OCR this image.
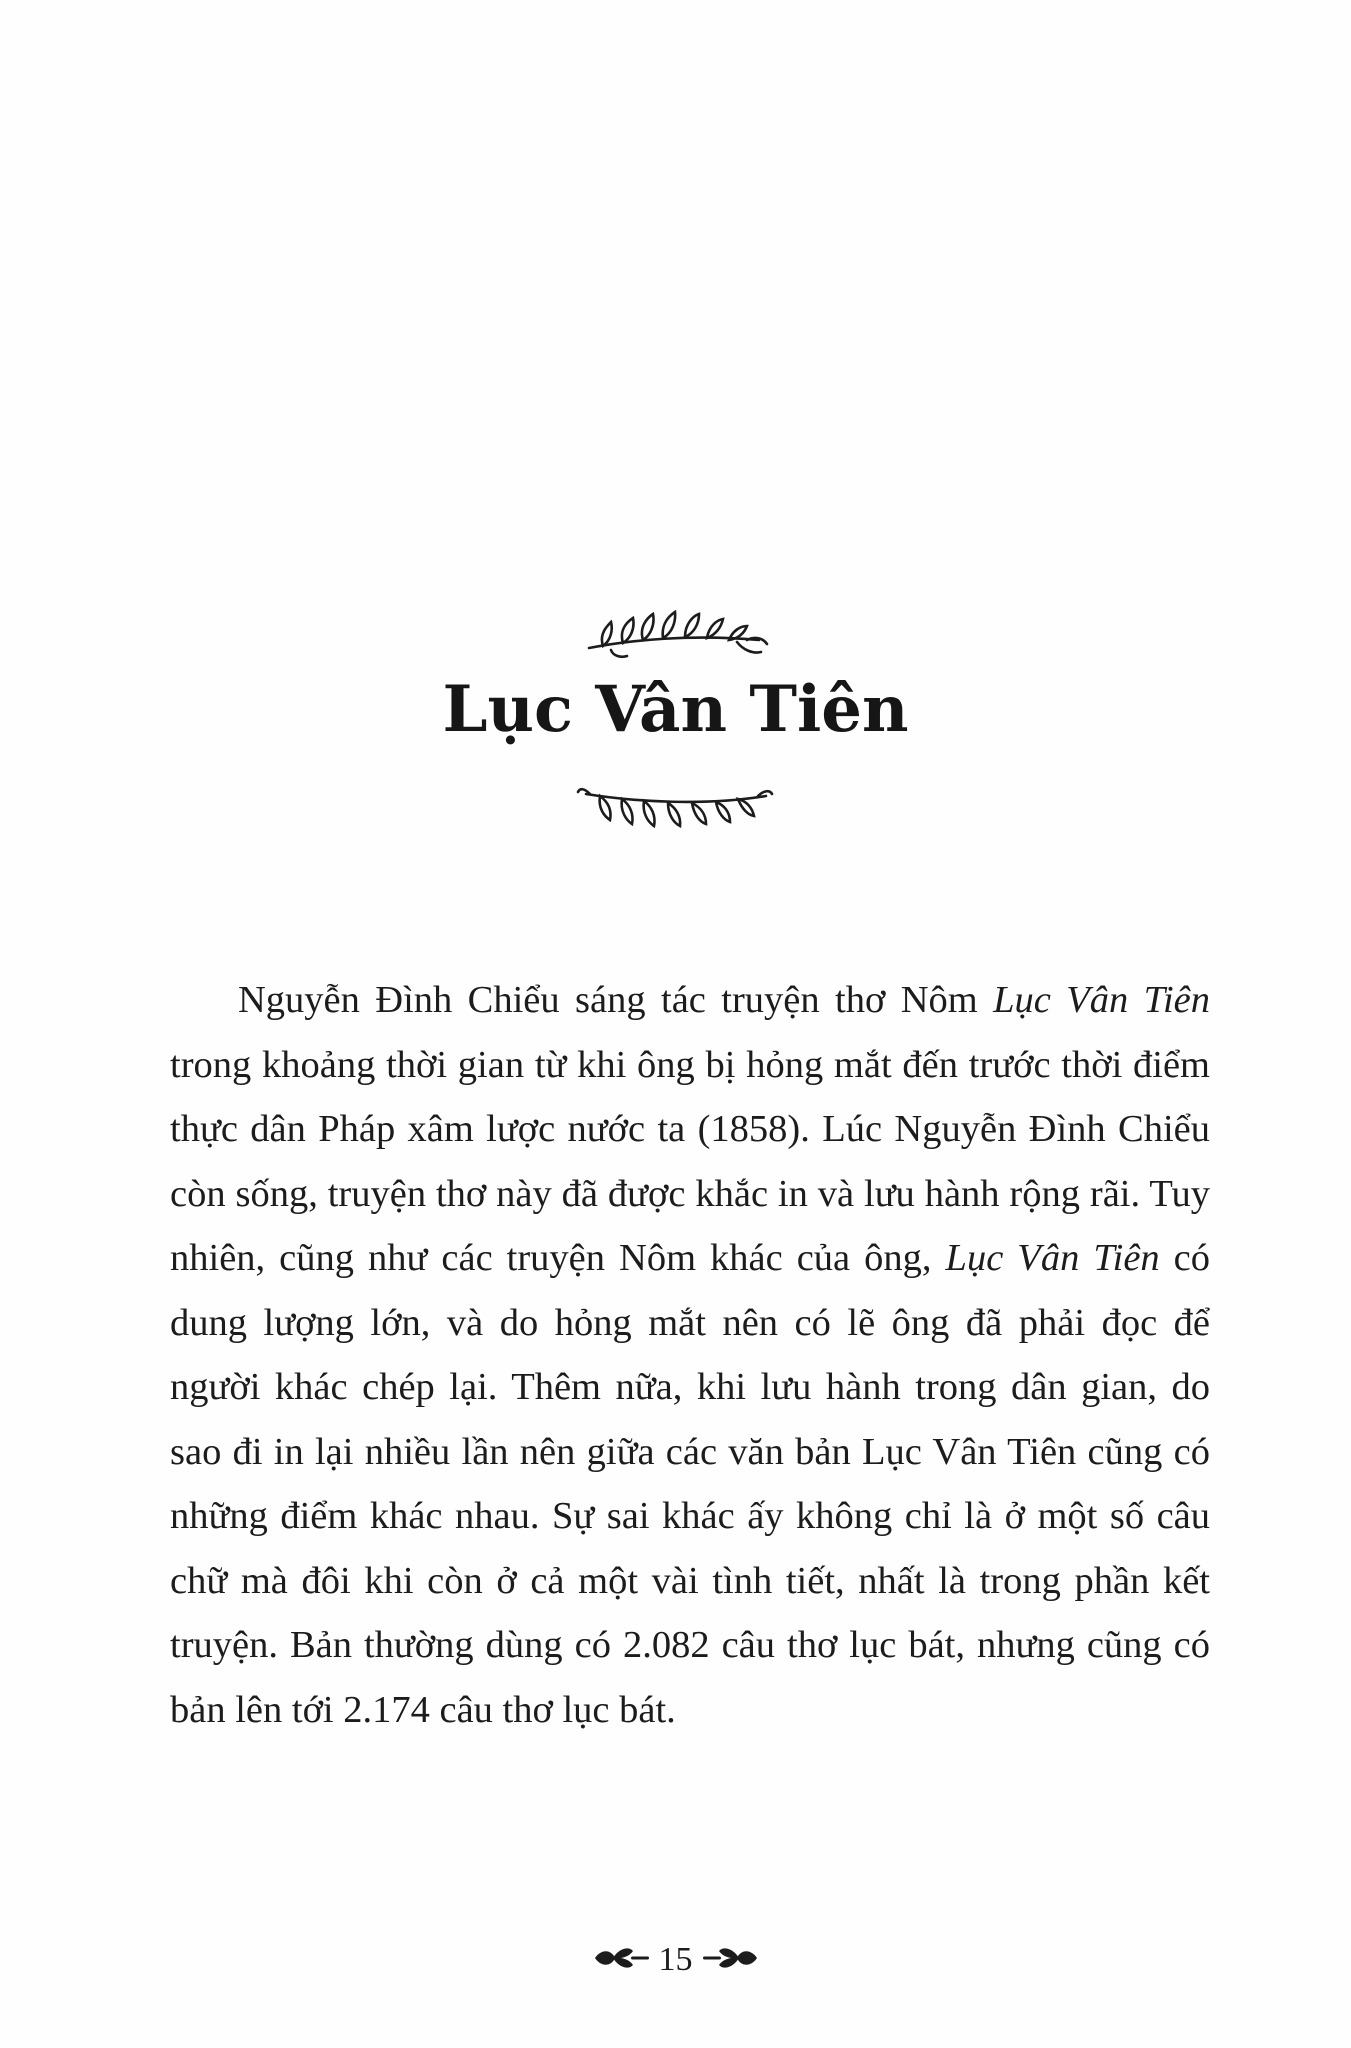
Lục Vân Tiên

Nguyễn Đình Chiểu sáng tác truyện thơ Nôm Lục Vân Tiên trong khoảng thời gian từ khi ông bị hỏng mắt đến trước thời điểm thực dân Pháp xâm lược nước ta (1858). Lúc Nguyễn Đình Chiểu còn sống, truyện thơ này đã được khắc in và lưu hành rộng rãi. Tuy nhiên, cũng như các truyện Nôm khác của ông, Lục Vân Tiên có dung lượng lớn, và do hỏng mắt nên có lẽ ông đã phải đọc để người khác chép lại. Thêm nữa, khi lưu hành trong dân gian, do sao đi in lại nhiều lần nên giữa các văn bản Lục Vân Tiên cũng có những điểm khác nhau. Sự sai khác ấy không chỉ là ở một số câu chữ mà đôi khi còn ở cả một vài tình tiết, nhất là trong phần kết truyện. Bản thường dùng có 2.082 câu thơ lục bát, nhưng cũng có bản lên tới 2.174 câu thơ lục bát.

15
